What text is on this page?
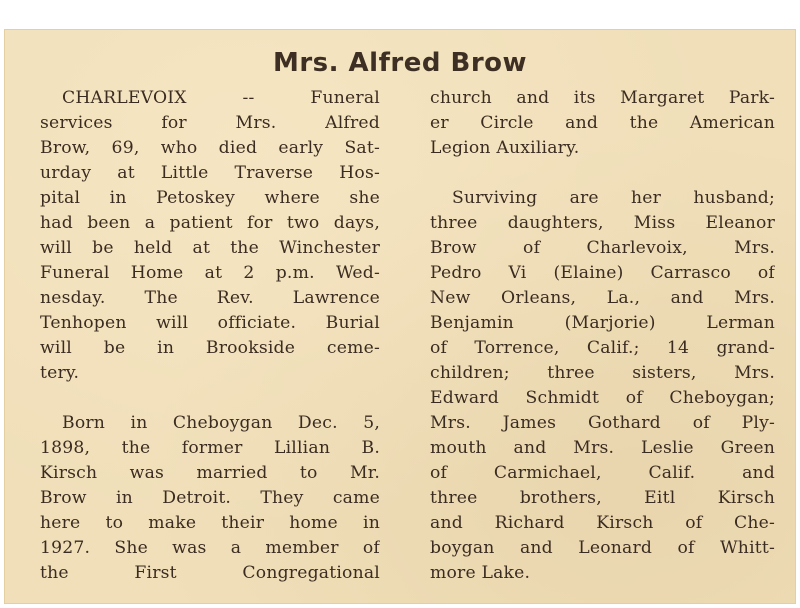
Mrs. Alfred Brow
CHARLEVOIX -- Funeral
services for Mrs. Alfred
Brow, 69, who died early Sat-
urday at Little Traverse Hos-
pital in Petoskey where she
had been a patient for two days,
will be held at the Winchester
Funeral Home at 2 p.m. Wed-
nesday. The Rev. Lawrence
Tenhopen will officiate. Burial
will be in Brookside ceme-
tery.
Born in Cheboygan Dec. 5,
1898, the former Lillian B.
Kirsch was married to Mr.
Brow in Detroit. They came
here to make their home in
1927. She was a member of
the First Congregational
church and its Margaret Park-
er Circle and the American
Legion Auxiliary.
Surviving are her husband;
three daughters, Miss Eleanor
Brow of Charlevoix, Mrs.
Pedro Vi (Elaine) Carrasco of
New Orleans, La., and Mrs.
Benjamin (Marjorie) Lerman
of Torrence, Calif.; 14 grand-
children; three sisters, Mrs.
Edward Schmidt of Cheboygan;
Mrs. James Gothard of Ply-
mouth and Mrs. Leslie Green
of Carmichael, Calif. and
three brothers, Eitl Kirsch
and Richard Kirsch of Che-
boygan and Leonard of Whitt-
more Lake.
